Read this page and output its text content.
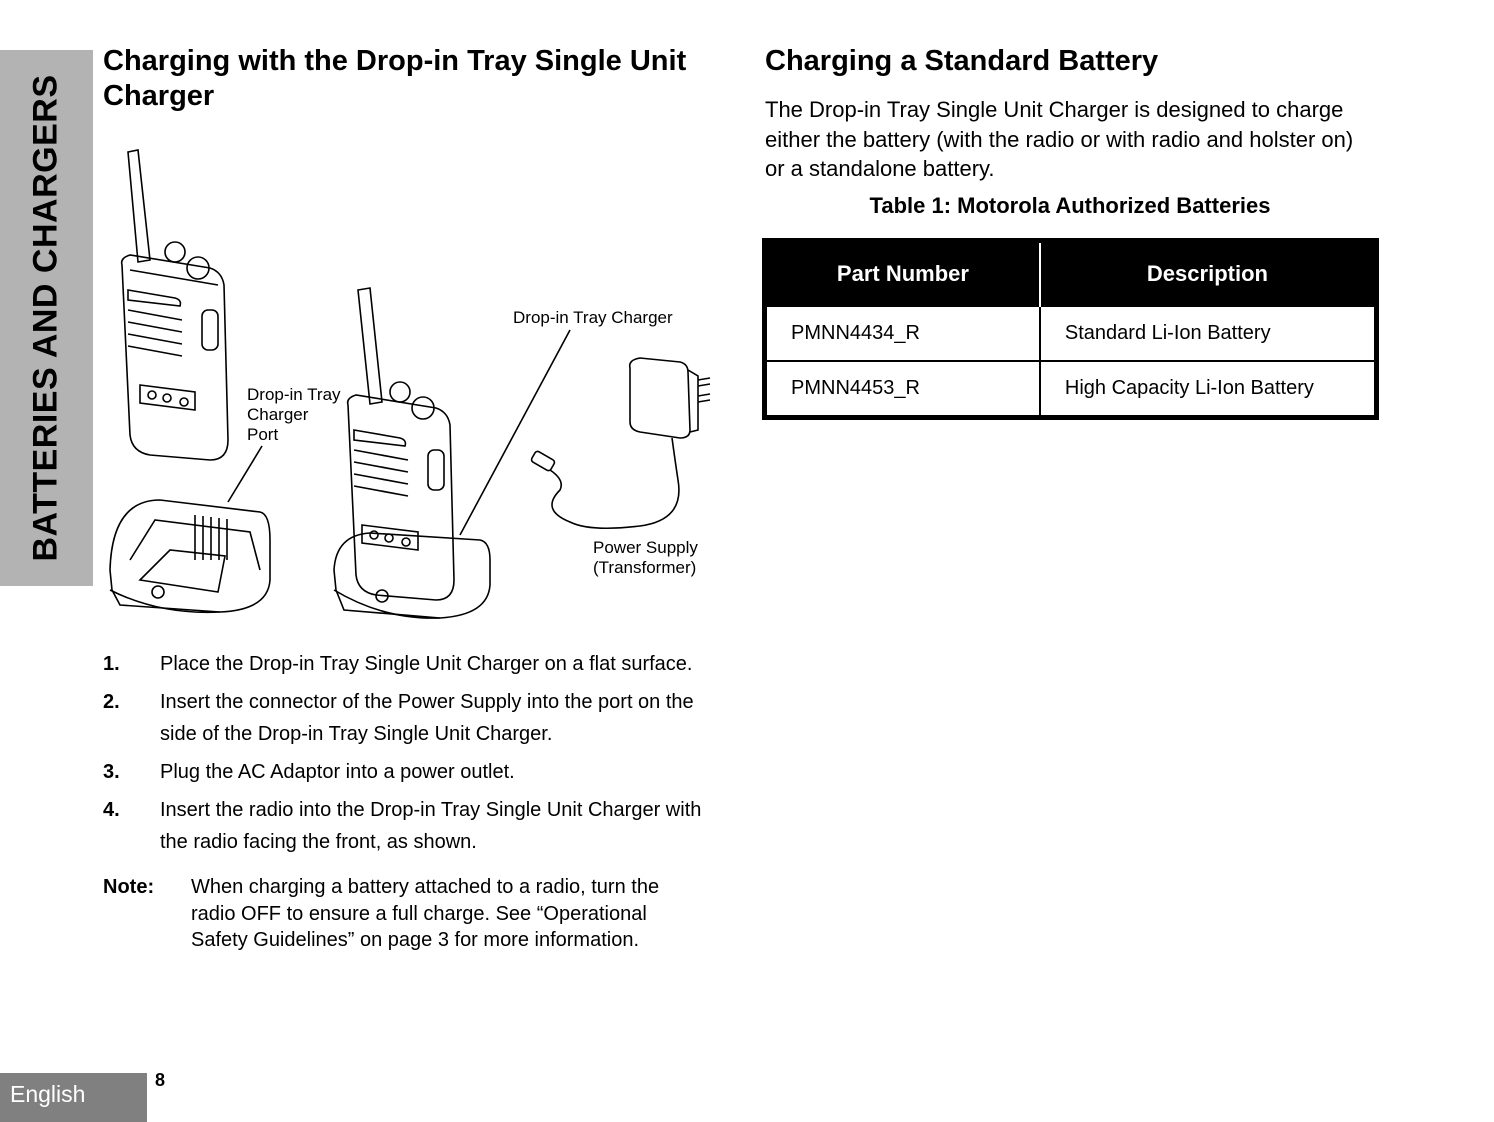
BATTERIES AND CHARGERS
Charging with the Drop-in Tray Single Unit Charger
Drop-in Tray
Charger
Port
Drop-in Tray Charger
Power Supply
(Transformer)
1. Place the Drop-in Tray Single Unit Charger on a flat surface.
2. Insert the connector of the Power Supply into the port on the side of the Drop-in Tray Single Unit Charger.
3. Plug the AC Adaptor into a power outlet.
4. Insert the radio into the Drop-in Tray Single Unit Charger with the radio facing the front, as shown.
Note: When charging a battery attached to a radio, turn the radio OFF to ensure a full charge. See “Operational Safety Guidelines” on page 3 for more information.
Charging a Standard Battery

The Drop-in Tray Single Unit Charger is designed to charge either the battery (with the radio or with radio and holster on) or a standalone battery.

Table 1: Motorola Authorized Batteries
Part Number	Description
PMNN4434_R	Standard Li-Ion Battery
PMNN4453_R	High Capacity Li-Ion Battery
English
8
